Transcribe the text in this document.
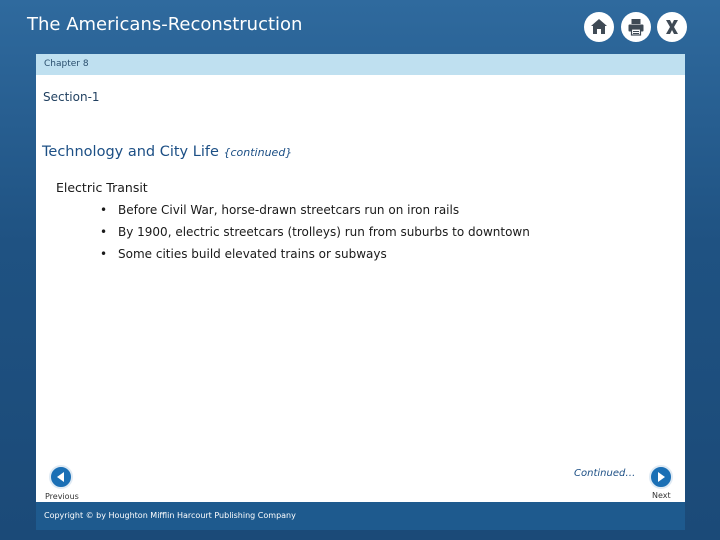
The Americans-Reconstruction
Chapter 8
Section-1
Technology and City Life {continued}
Electric Transit
• Before Civil War, horse-drawn streetcars run on iron rails
• By 1900, electric streetcars (trolleys) run from suburbs to downtown
• Some cities build elevated trains or subways
Previous
Continued…
Next
Copyright © by Houghton Mifflin Harcourt Publishing Company
